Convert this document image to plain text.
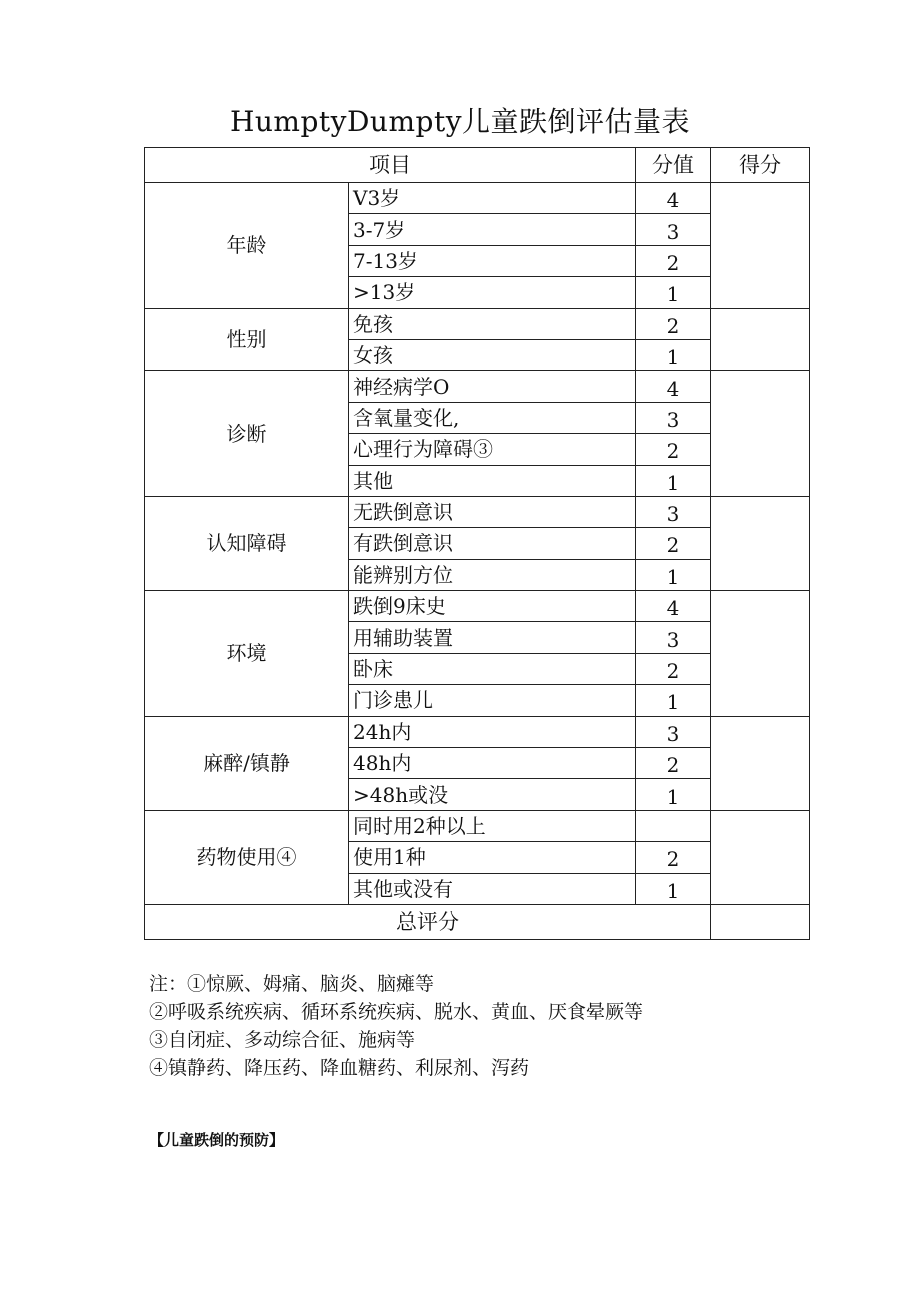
HumptyDumpty儿童跌倒评估量表
项目		分值	得分
年龄	V3岁	4	
	3-7岁	3	
	7-13岁	2	
	>13岁	1	
性别	免孩	2	
	女孩	1	
诊断	神经病学O	4	
	含氧量变化,	3	
	心理行为障碍③	2	
	其他	1	
认知障碍	无跌倒意识	3	
	有跌倒意识	2	
	能辨别方位	1	
环境	跌倒9床史	4	
	用辅助装置	3	
	卧床	2	
	门诊患儿	1	
麻醉/镇静	24h内	3	
	48h内	2	
	>48h或没	1	
药物使用④	同时用2种以上		
	使用1种	2	
	其他或没有	1	
总评分			
注：①惊厥、姆痛、脑炎、脑瘫等
②呼吸系统疾病、循环系统疾病、脱水、黄血、厌食晕厥等
③自闭症、多动综合征、施病等
④镇静药、降压药、降血糖药、利尿剂、泻药
【儿童跌倒的预防】
